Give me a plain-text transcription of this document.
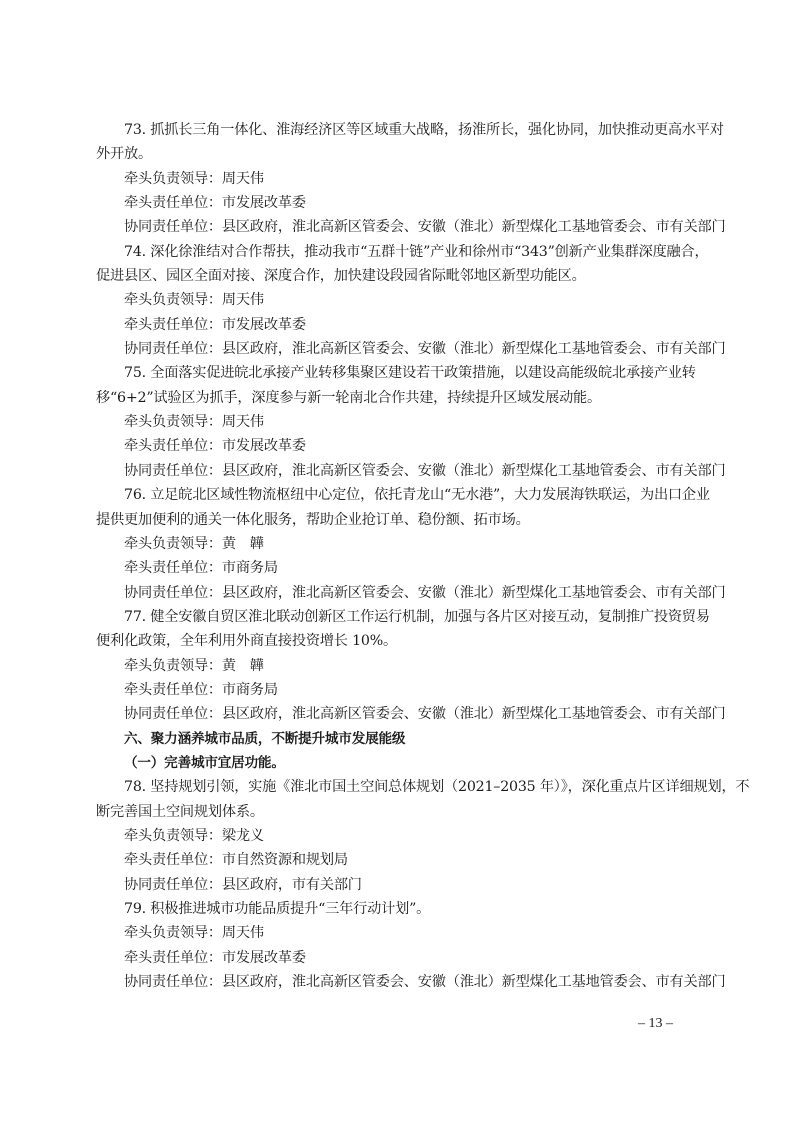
73. 抓抓长三角一体化、淮海经济区等区域重大战略，扬淮所长，强化协同，加快推动更高水平对
外开放。
牵头负责领导：周天伟
牵头责任单位：市发展改革委
协同责任单位：县区政府，淮北高新区管委会、安徽（淮北）新型煤化工基地管委会、市有关部门
74. 深化徐淮结对合作帮扶，推动我市“五群十链”产业和徐州市“343”创新产业集群深度融合，
促进县区、园区全面对接、深度合作，加快建设段园省际毗邻地区新型功能区。
牵头负责领导：周天伟
牵头责任单位：市发展改革委
协同责任单位：县区政府，淮北高新区管委会、安徽（淮北）新型煤化工基地管委会、市有关部门
75. 全面落实促进皖北承接产业转移集聚区建设若干政策措施，以建设高能级皖北承接产业转
移“6+2”试验区为抓手，深度参与新一轮南北合作共建，持续提升区域发展动能。
牵头负责领导：周天伟
牵头责任单位：市发展改革委
协同责任单位：县区政府，淮北高新区管委会、安徽（淮北）新型煤化工基地管委会、市有关部门
76. 立足皖北区域性物流枢纽中心定位，依托青龙山“无水港”，大力发展海铁联运，为出口企业
提供更加便利的通关一体化服务，帮助企业抢订单、稳份额、拓市场。
牵头负责领导：黄　韡
牵头责任单位：市商务局
协同责任单位：县区政府，淮北高新区管委会、安徽（淮北）新型煤化工基地管委会、市有关部门
77. 健全安徽自贸区淮北联动创新区工作运行机制，加强与各片区对接互动，复制推广投资贸易
便利化政策，全年利用外商直接投资增长 10%。
牵头负责领导：黄　韡
牵头责任单位：市商务局
协同责任单位：县区政府，淮北高新区管委会、安徽（淮北）新型煤化工基地管委会、市有关部门
六、聚力涵养城市品质，不断提升城市发展能级
（一）完善城市宜居功能。
78. 坚持规划引领，实施《淮北市国土空间总体规划（2021–2035 年）》，深化重点片区详细规划，不
断完善国土空间规划体系。
牵头负责领导：梁龙义
牵头责任单位：市自然资源和规划局
协同责任单位：县区政府，市有关部门
79. 积极推进城市功能品质提升“三年行动计划”。
牵头负责领导：周天伟
牵头责任单位：市发展改革委
协同责任单位：县区政府，淮北高新区管委会、安徽（淮北）新型煤化工基地管委会、市有关部门
– 13 –
